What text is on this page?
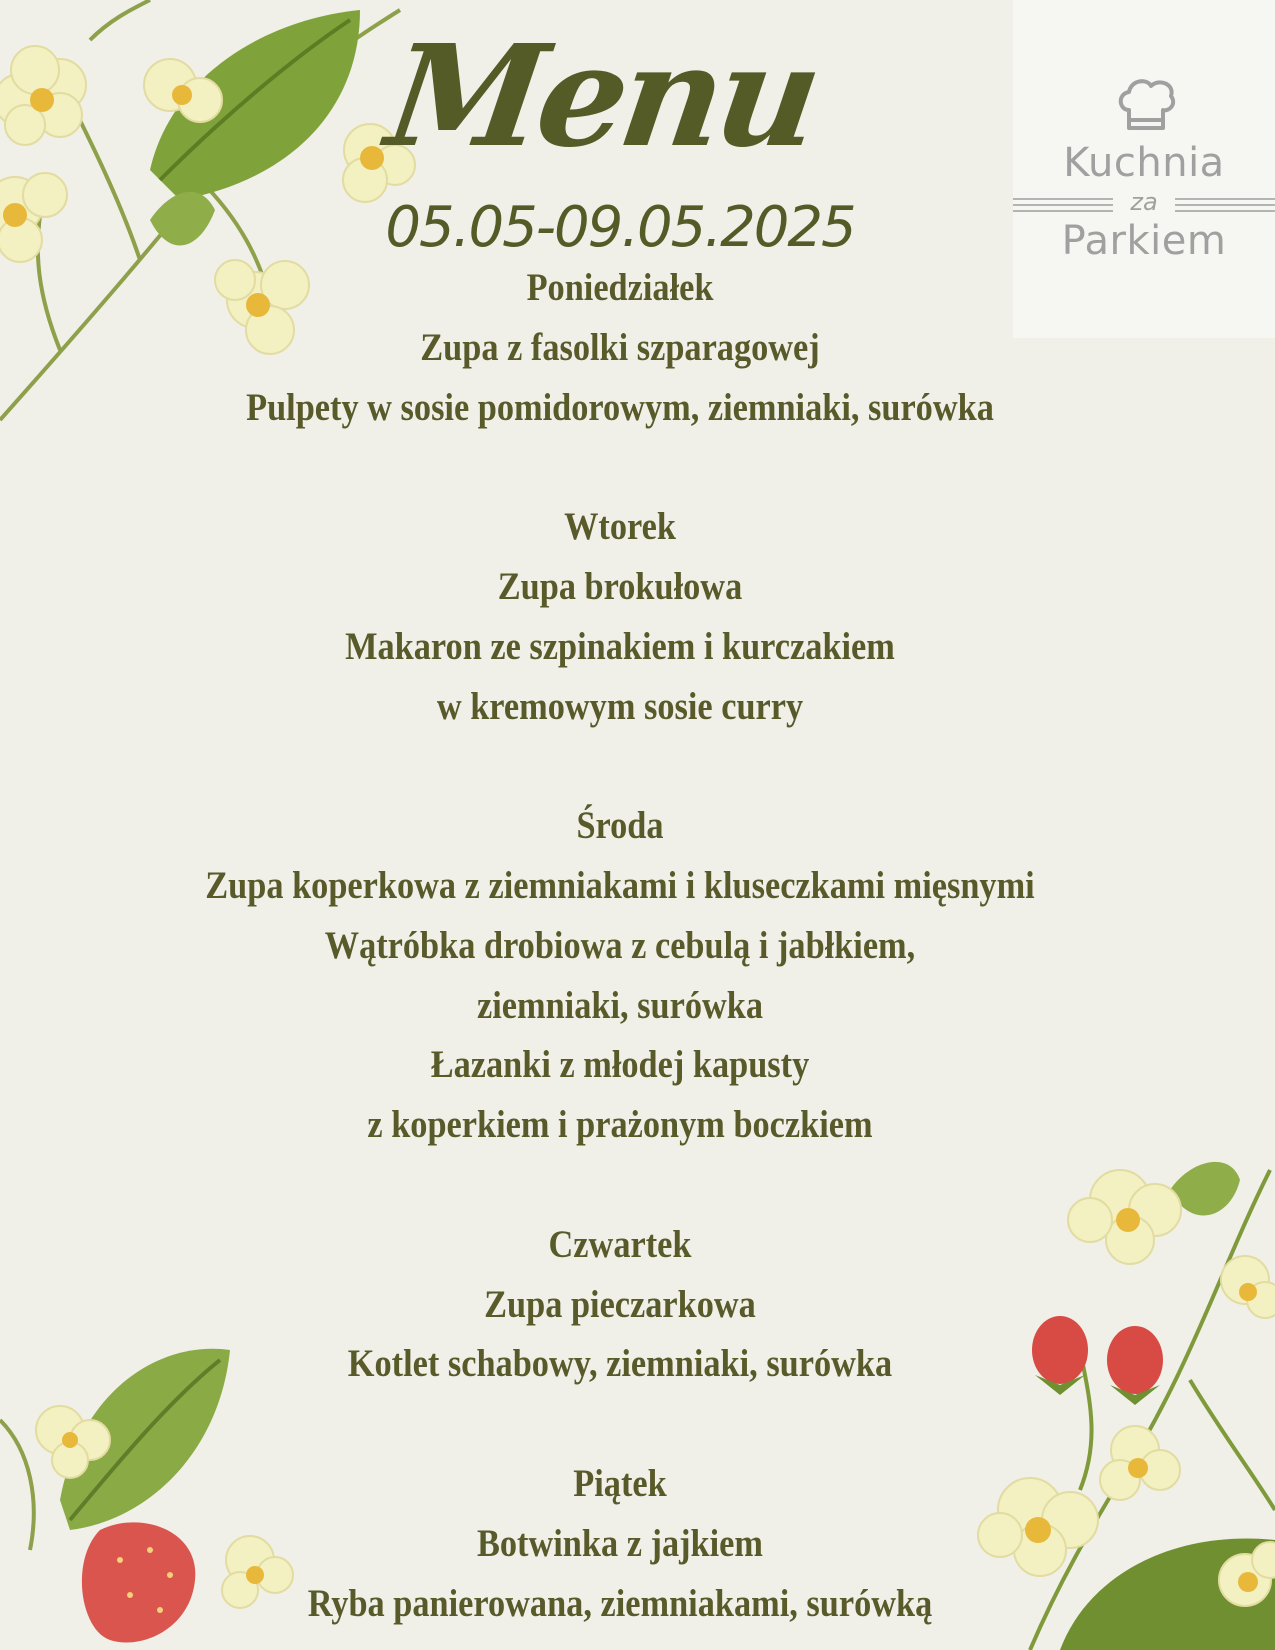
Kuchnia
za
Parkiem
Menu
05.05-09.05.2025
Poniedziałek
Zupa z fasolki szparagowej
Pulpety w sosie pomidorowym, ziemniaki, surówka
Wtorek
Zupa brokułowa
Makaron ze szpinakiem i kurczakiem
w kremowym sosie curry
Środa
Zupa koperkowa z ziemniakami i kluseczkami mięsnymi
Wątróbka drobiowa z cebulą i jabłkiem,
ziemniaki, surówka
Łazanki z młodej kapusty
z koperkiem i prażonym boczkiem
Czwartek
Zupa pieczarkowa
Kotlet schabowy, ziemniaki, surówka
Piątek
Botwinka z jajkiem
Ryba panierowana, ziemniakami, surówką
